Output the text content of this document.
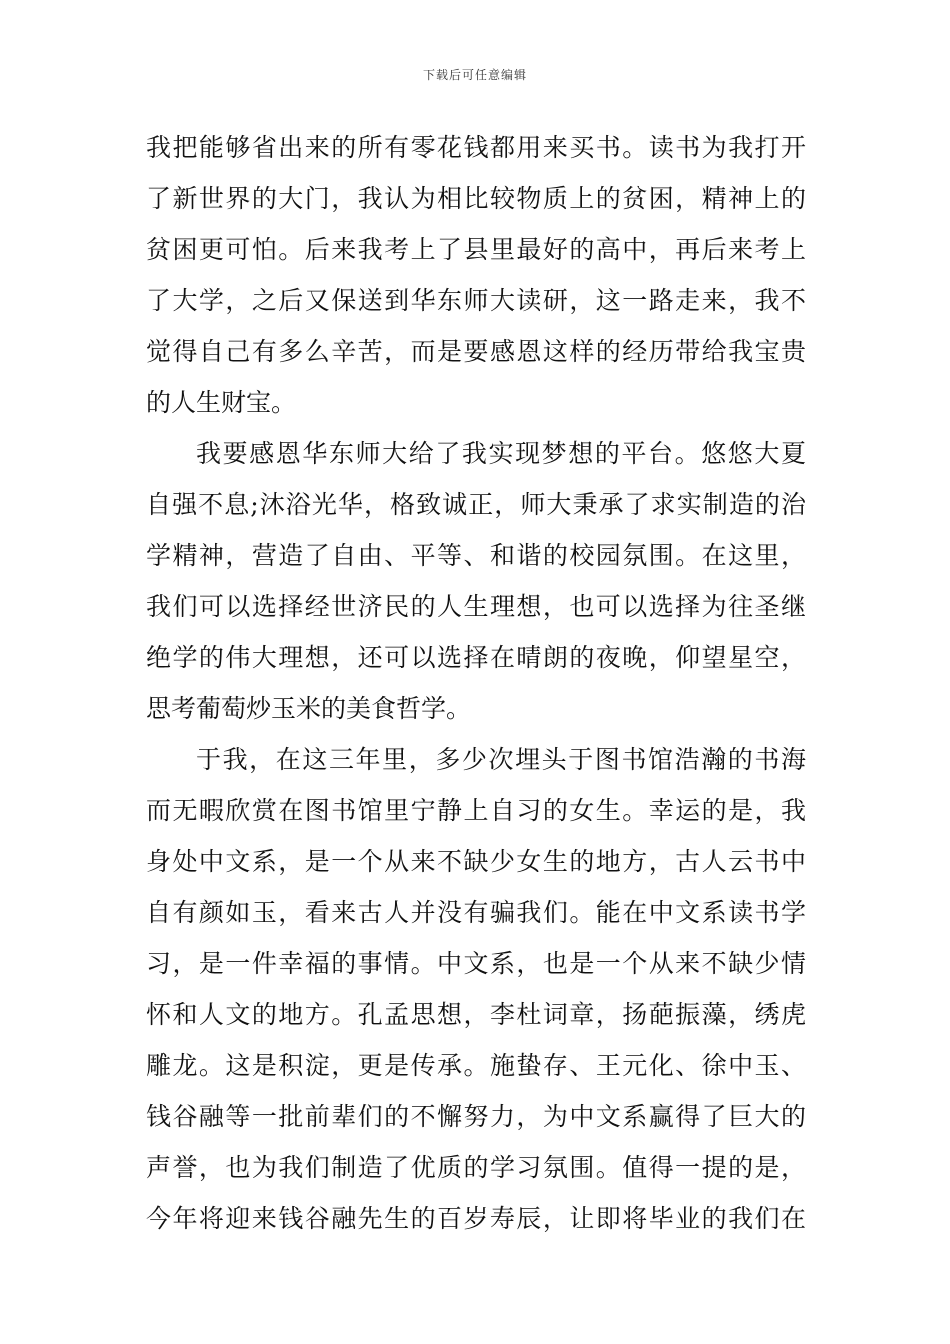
下载后可任意编辑
我把能够省出来的所有零花钱都用来买书。读书为我打开
了新世界的大门，我认为相比较物质上的贫困，精神上的
贫困更可怕。后来我考上了县里最好的高中，再后来考上
了大学，之后又保送到华东师大读研，这一路走来，我不
觉得自己有多么辛苦，而是要感恩这样的经历带给我宝贵
的人生财宝。
我要感恩华东师大给了我实现梦想的平台。悠悠大夏
自强不息;沐浴光华，格致诚正，师大秉承了求实制造的治
学精神，营造了自由、平等、和谐的校园氛围。在这里，
我们可以选择经世济民的人生理想，也可以选择为往圣继
绝学的伟大理想，还可以选择在晴朗的夜晚，仰望星空，
思考葡萄炒玉米的美食哲学。
于我，在这三年里，多少次埋头于图书馆浩瀚的书海
而无暇欣赏在图书馆里宁静上自习的女生。幸运的是，我
身处中文系，是一个从来不缺少女生的地方，古人云书中
自有颜如玉，看来古人并没有骗我们。能在中文系读书学
习，是一件幸福的事情。中文系，也是一个从来不缺少情
怀和人文的地方。孔孟思想，李杜词章，扬葩振藻，绣虎
雕龙。这是积淀，更是传承。施蛰存、王元化、徐中玉、
钱谷融等一批前辈们的不懈努力，为中文系赢得了巨大的
声誉，也为我们制造了优质的学习氛围。值得一提的是，
今年将迎来钱谷融先生的百岁寿辰，让即将毕业的我们在
